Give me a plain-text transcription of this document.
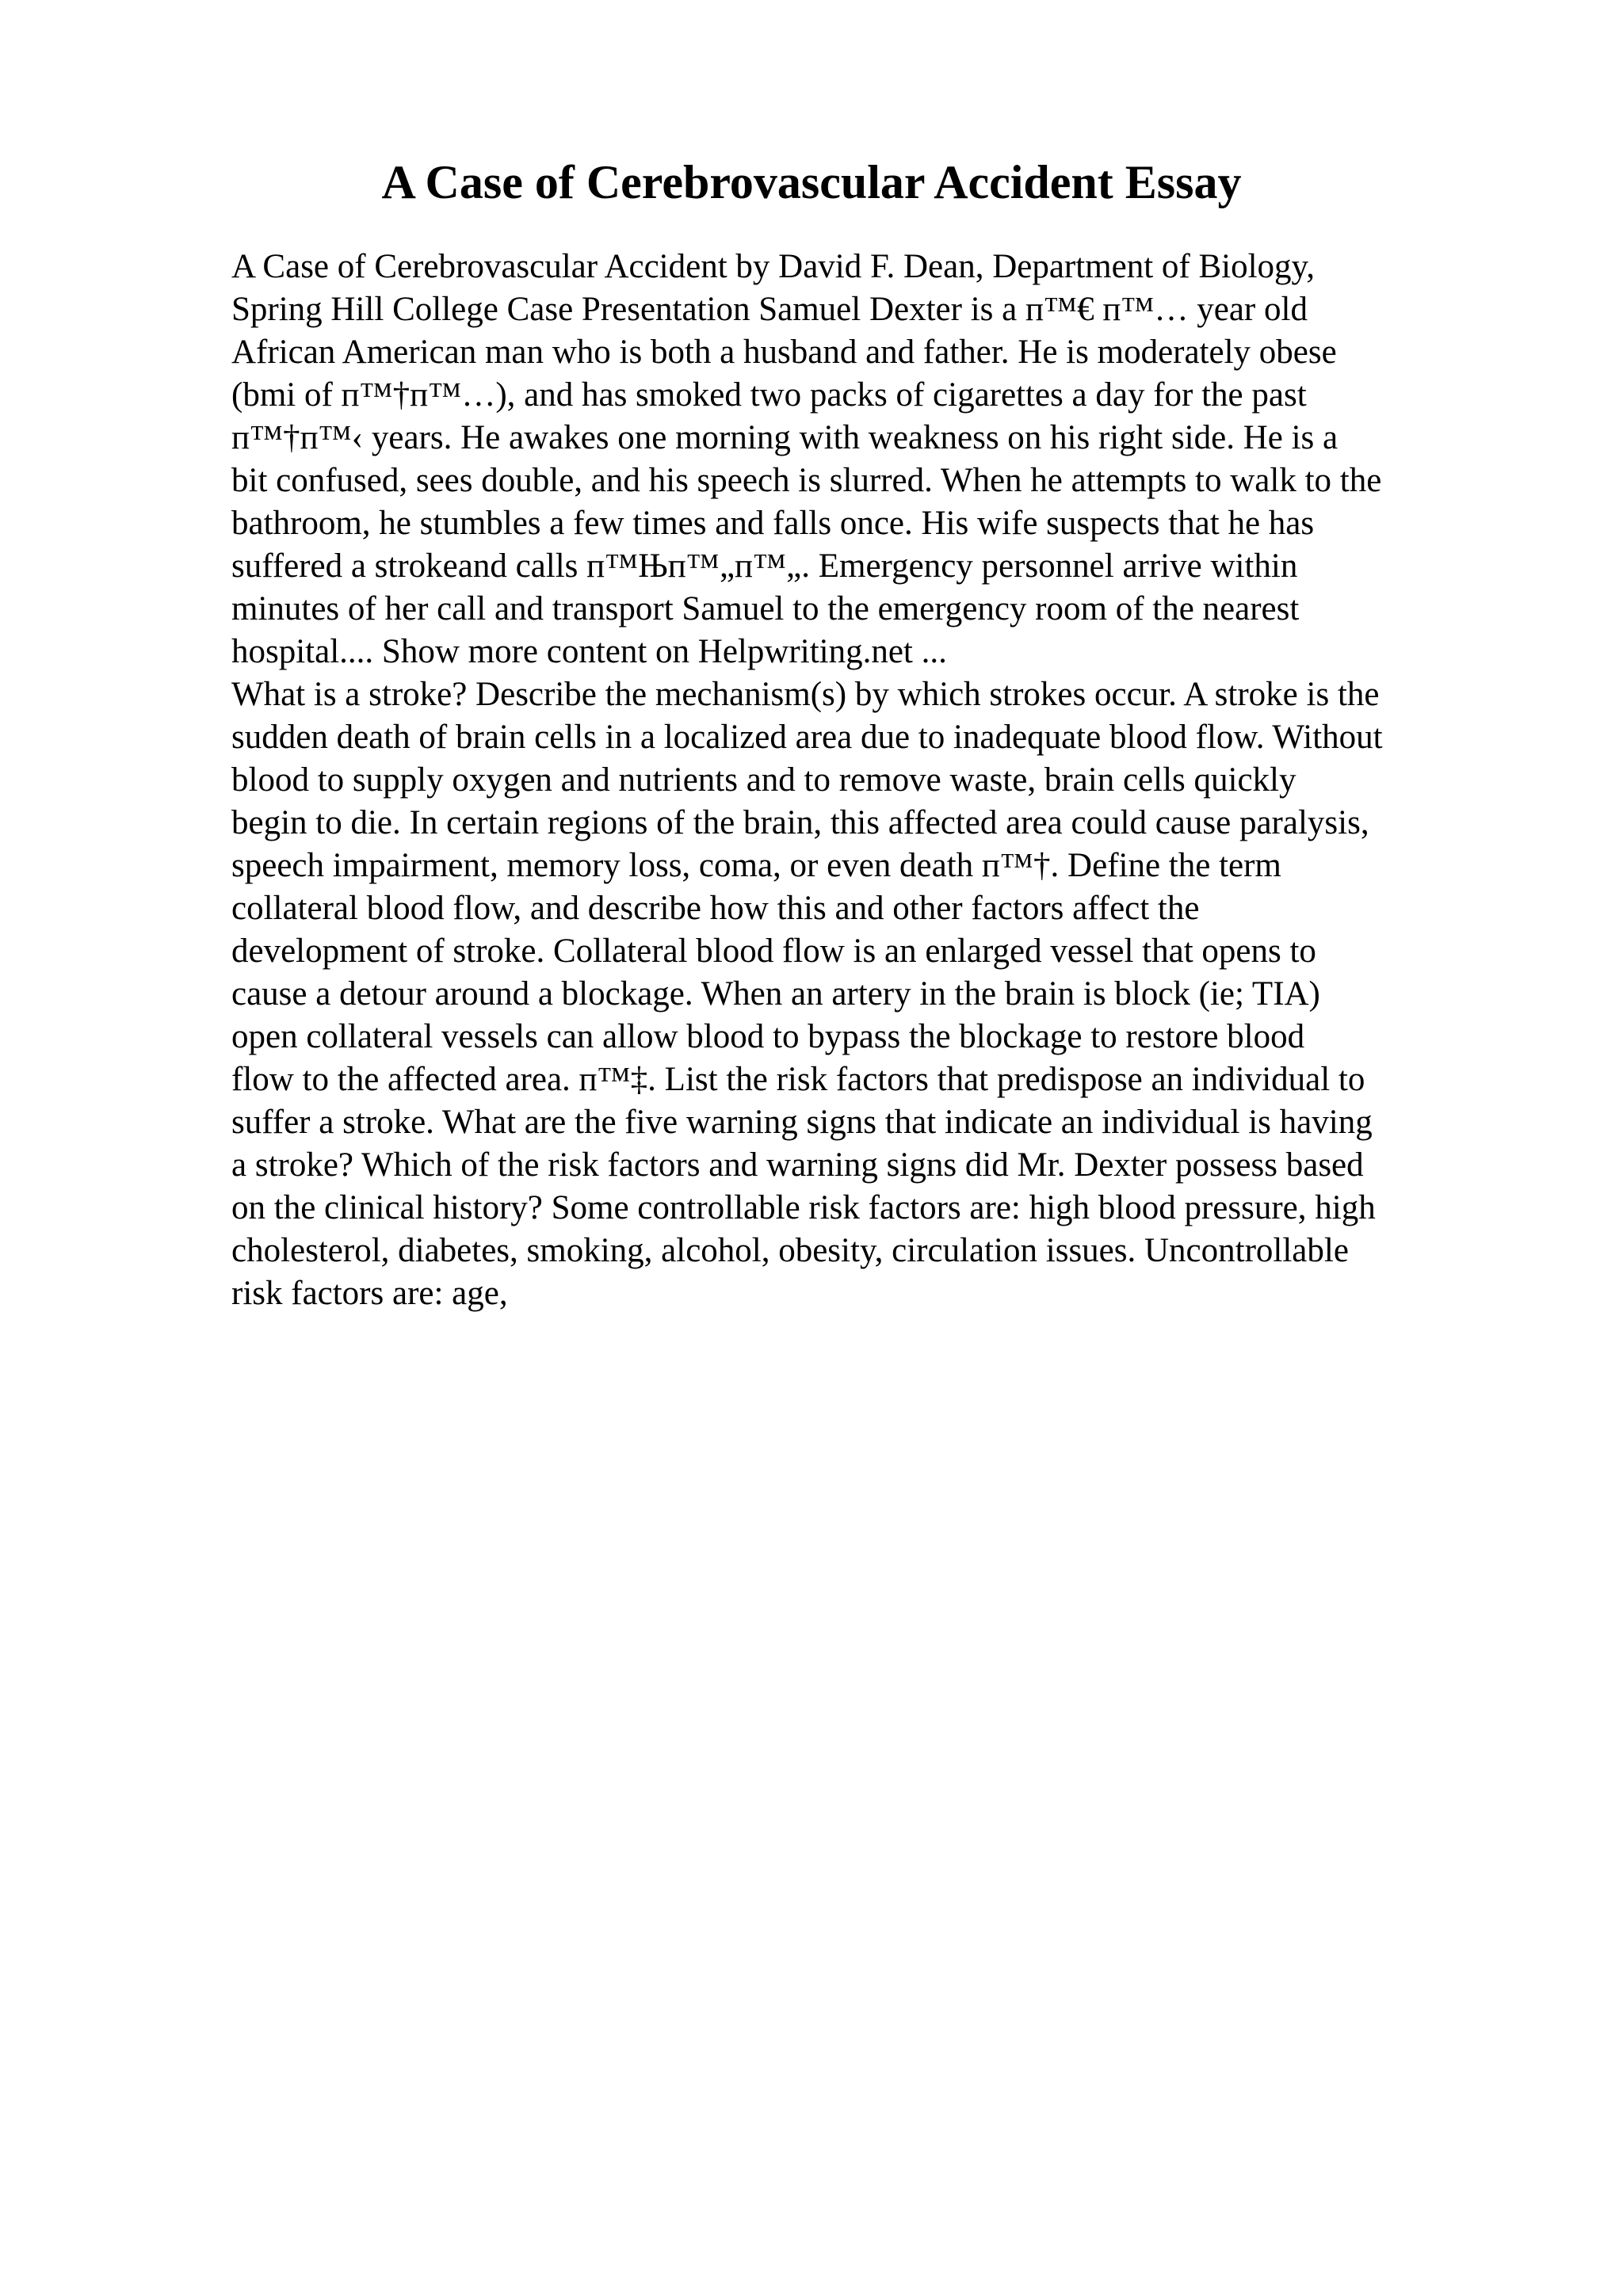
A Case of Cerebrovascular Accident Essay
A Case of Cerebrovascular Accident by David F. Dean, Department of Biology,
Spring Hill College Case Presentation Samuel Dexter is a п™€ п™… year old
African American man who is both a husband and father. He is moderately obese
(bmi of п™†п™…), and has smoked two packs of cigarettes a day for the past
п™†п™‹ years. He awakes one morning with weakness on his right side. He is a
bit confused, sees double, and his speech is slurred. When he attempts to walk to the
bathroom, he stumbles a few times and falls once. His wife suspects that he has
suffered a strokeand calls п™Њп™„п™„. Emergency personnel arrive within
minutes of her call and transport Samuel to the emergency room of the nearest
hospital.... Show more content on Helpwriting.net ...
What is a stroke? Describe the mechanism(s) by which strokes occur. A stroke is the
sudden death of brain cells in a localized area due to inadequate blood flow. Without
blood to supply oxygen and nutrients and to remove waste, brain cells quickly
begin to die. In certain regions of the brain, this affected area could cause paralysis,
speech impairment, memory loss, coma, or even death п™†. Define the term
collateral blood flow, and describe how this and other factors affect the
development of stroke. Collateral blood flow is an enlarged vessel that opens to
cause a detour around a blockage. When an artery in the brain is block (ie; TIA)
open collateral vessels can allow blood to bypass the blockage to restore blood
flow to the affected area. п™‡. List the risk factors that predispose an individual to
suffer a stroke. What are the five warning signs that indicate an individual is having
a stroke? Which of the risk factors and warning signs did Mr. Dexter possess based
on the clinical history? Some controllable risk factors are: high blood pressure, high
cholesterol, diabetes, smoking, alcohol, obesity, circulation issues. Uncontrollable
risk factors are: age,
